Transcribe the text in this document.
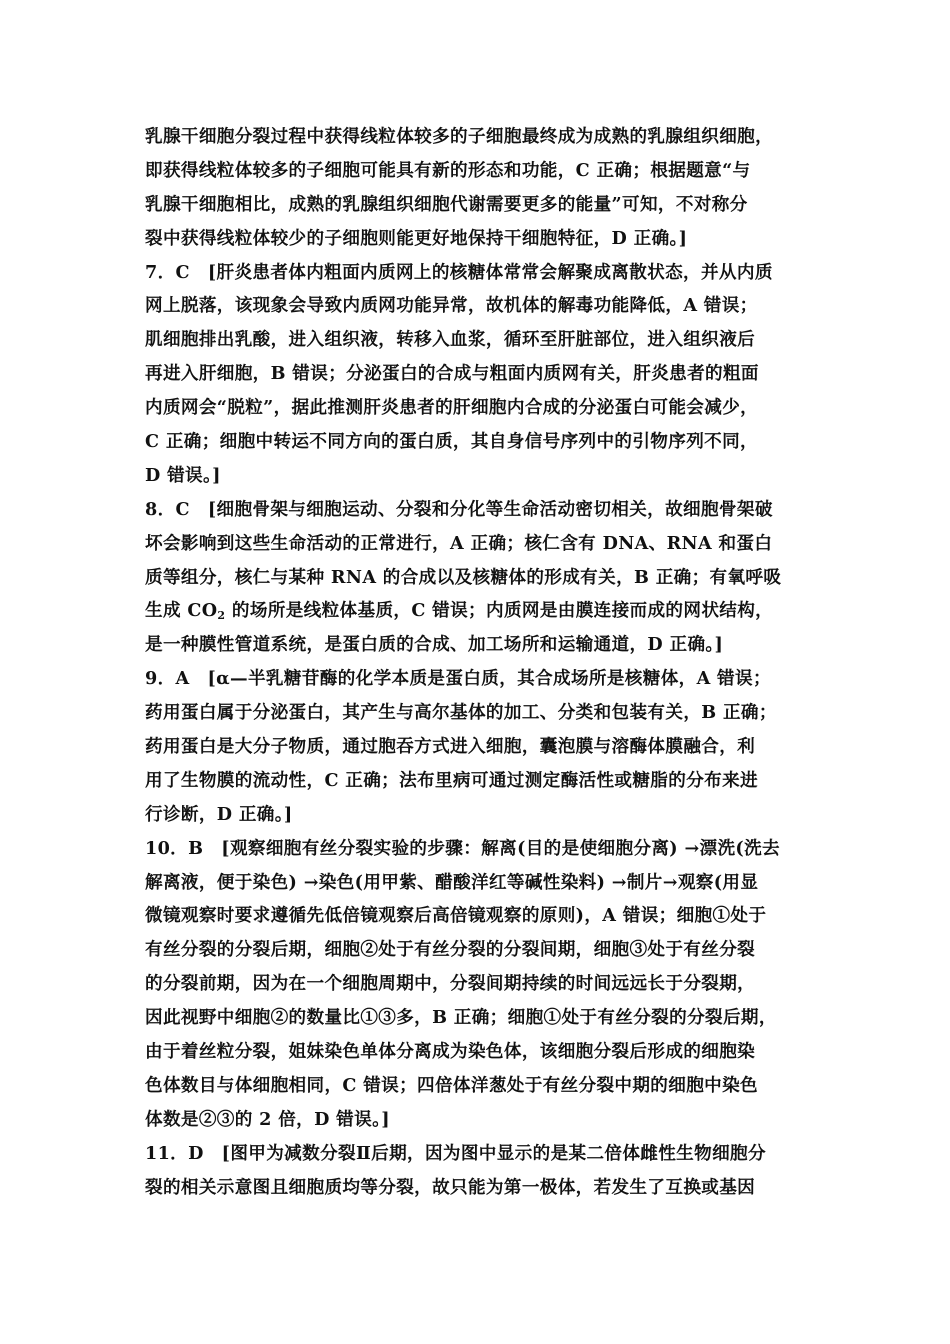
乳腺干细胞分裂过程中获得线粒体较多的子细胞最终成为成熟的乳腺组织细胞，
即获得线粒体较多的子细胞可能具有新的形态和功能，C 正确；根据题意“与
乳腺干细胞相比，成熟的乳腺组织细胞代谢需要更多的能量”可知，不对称分
裂中获得线粒体较少的子细胞则能更好地保持干细胞特征，D 正确。]
7．C　[肝炎患者体内粗面内质网上的核糖体常常会解聚成离散状态，并从内质
网上脱落，该现象会导致内质网功能异常，故机体的解毒功能降低，A 错误；
肌细胞排出乳酸，进入组织液，转移入血浆，循环至肝脏部位，进入组织液后
再进入肝细胞，B 错误；分泌蛋白的合成与粗面内质网有关，肝炎患者的粗面
内质网会“脱粒”，据此推测肝炎患者的肝细胞内合成的分泌蛋白可能会减少，
C 正确；细胞中转运不同方向的蛋白质，其自身信号序列中的引物序列不同，
D 错误。]
8．C　[细胞骨架与细胞运动、分裂和分化等生命活动密切相关，故细胞骨架破
坏会影响到这些生命活动的正常进行，A 正确；核仁含有 DNA、RNA 和蛋白
质等组分，核仁与某种 RNA 的合成以及核糖体的形成有关，B 正确；有氧呼吸
生成 $CO_2$ 的场所是线粒体基质，C 错误；内质网是由膜连接而成的网状结构，
是一种膜性管道系统，是蛋白质的合成、加工场所和运输通道，D 正确。]
9．A　[α—半乳糖苷酶的化学本质是蛋白质，其合成场所是核糖体，A 错误；
药用蛋白属于分泌蛋白，其产生与高尔基体的加工、分类和包装有关，B 正确；
药用蛋白是大分子物质，通过胞吞方式进入细胞，囊泡膜与溶酶体膜融合，利
用了生物膜的流动性，C 正确；法布里病可通过测定酶活性或糖脂的分布来进
行诊断，D 正确。]
10．B　[观察细胞有丝分裂实验的步骤：解离(目的是使细胞分离) →漂洗(洗去
解离液，便于染色) →染色(用甲紫、醋酸洋红等碱性染料) →制片→观察(用显
微镜观察时要求遵循先低倍镜观察后高倍镜观察的原则)，A 错误；细胞①处于
有丝分裂的分裂后期，细胞②处于有丝分裂的分裂间期，细胞③处于有丝分裂
的分裂前期，因为在一个细胞周期中，分裂间期持续的时间远远长于分裂期，
因此视野中细胞②的数量比①③多，B 正确；细胞①处于有丝分裂的分裂后期，
由于着丝粒分裂，姐妹染色单体分离成为染色体，该细胞分裂后形成的细胞染
色体数目与体细胞相同，C 错误；四倍体洋葱处于有丝分裂中期的细胞中染色
体数是②③的 2 倍，D 错误。]
11．D　[图甲为减数分裂Ⅱ后期，因为图中显示的是某二倍体雌性生物细胞分
裂的相关示意图且细胞质均等分裂，故只能为第一极体，若发生了互换或基因
